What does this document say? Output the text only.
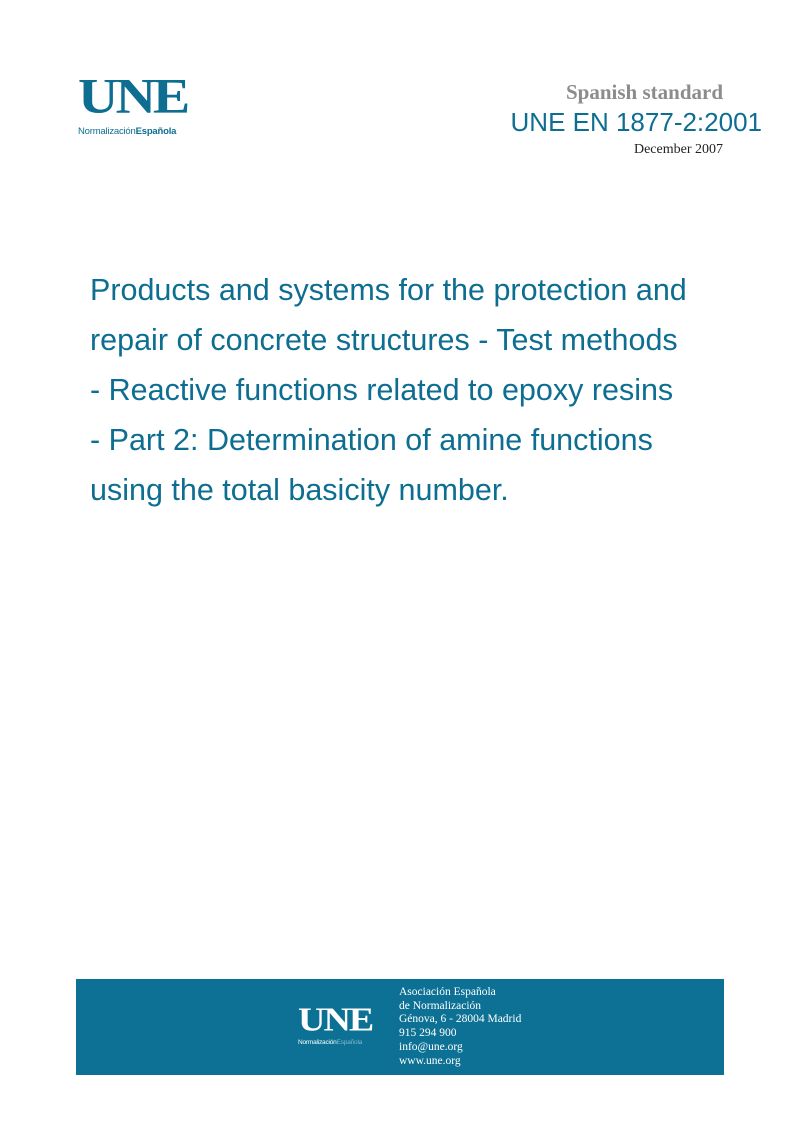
UNE
NormalizaciónEspañola
Spanish standard
UNE EN 1877-2:2001
December 2007
Products and systems for the protection and
repair of concrete structures - Test methods
- Reactive functions related to epoxy resins
- Part 2: Determination of amine functions
using the total basicity number.
UNE
NormalizaciónEspañola
Asociación Española
de Normalización
Génova, 6 - 28004 Madrid
915 294 900
info@une.org
www.une.org
